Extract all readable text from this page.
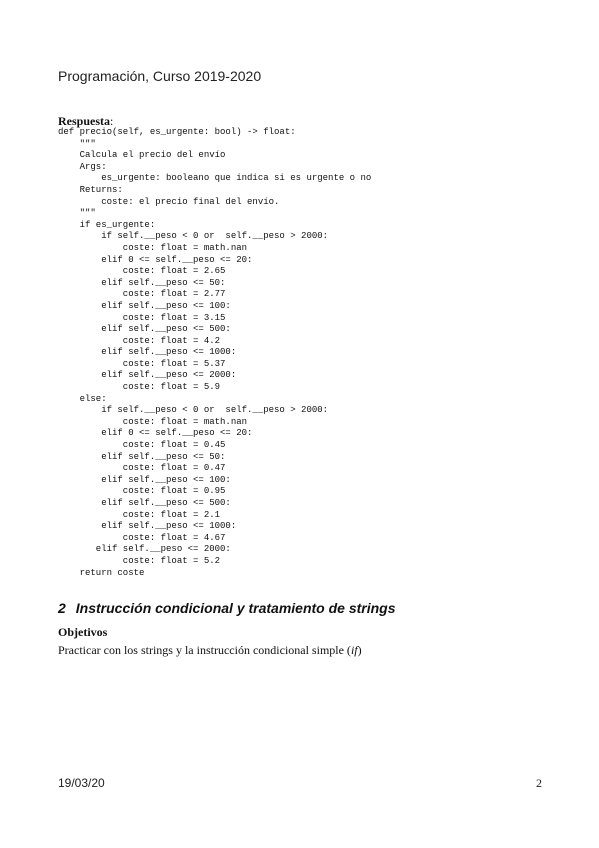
Programación, Curso 2019-2020
Respuesta:
def precio(self, es_urgente: bool) -> float:
"""
Calcula el precio del envío
Args:
es_urgente: booleano que indica si es urgente o no
Returns:
coste: el precio final del envío.
"""
if es_urgente:
if self.__peso < 0 or  self.__peso > 2000:
coste: float = math.nan
elif 0 <= self.__peso <= 20:
coste: float = 2.65
elif self.__peso <= 50:
coste: float = 2.77
elif self.__peso <= 100:
coste: float = 3.15
elif self.__peso <= 500:
coste: float = 4.2
elif self.__peso <= 1000:
coste: float = 5.37
elif self.__peso <= 2000:
coste: float = 5.9
else:
if self.__peso < 0 or  self.__peso > 2000:
coste: float = math.nan
elif 0 <= self.__peso <= 20:
coste: float = 0.45
elif self.__peso <= 50:
coste: float = 0.47
elif self.__peso <= 100:
coste: float = 0.95
elif self.__peso <= 500:
coste: float = 2.1
elif self.__peso <= 1000:
coste: float = 4.67
elif self.__peso <= 2000:
coste: float = 5.2
return coste
2 Instrucción condicional y tratamiento de strings
Objetivos
Practicar con los strings y la instrucción condicional simple (if)
19/03/20	2
